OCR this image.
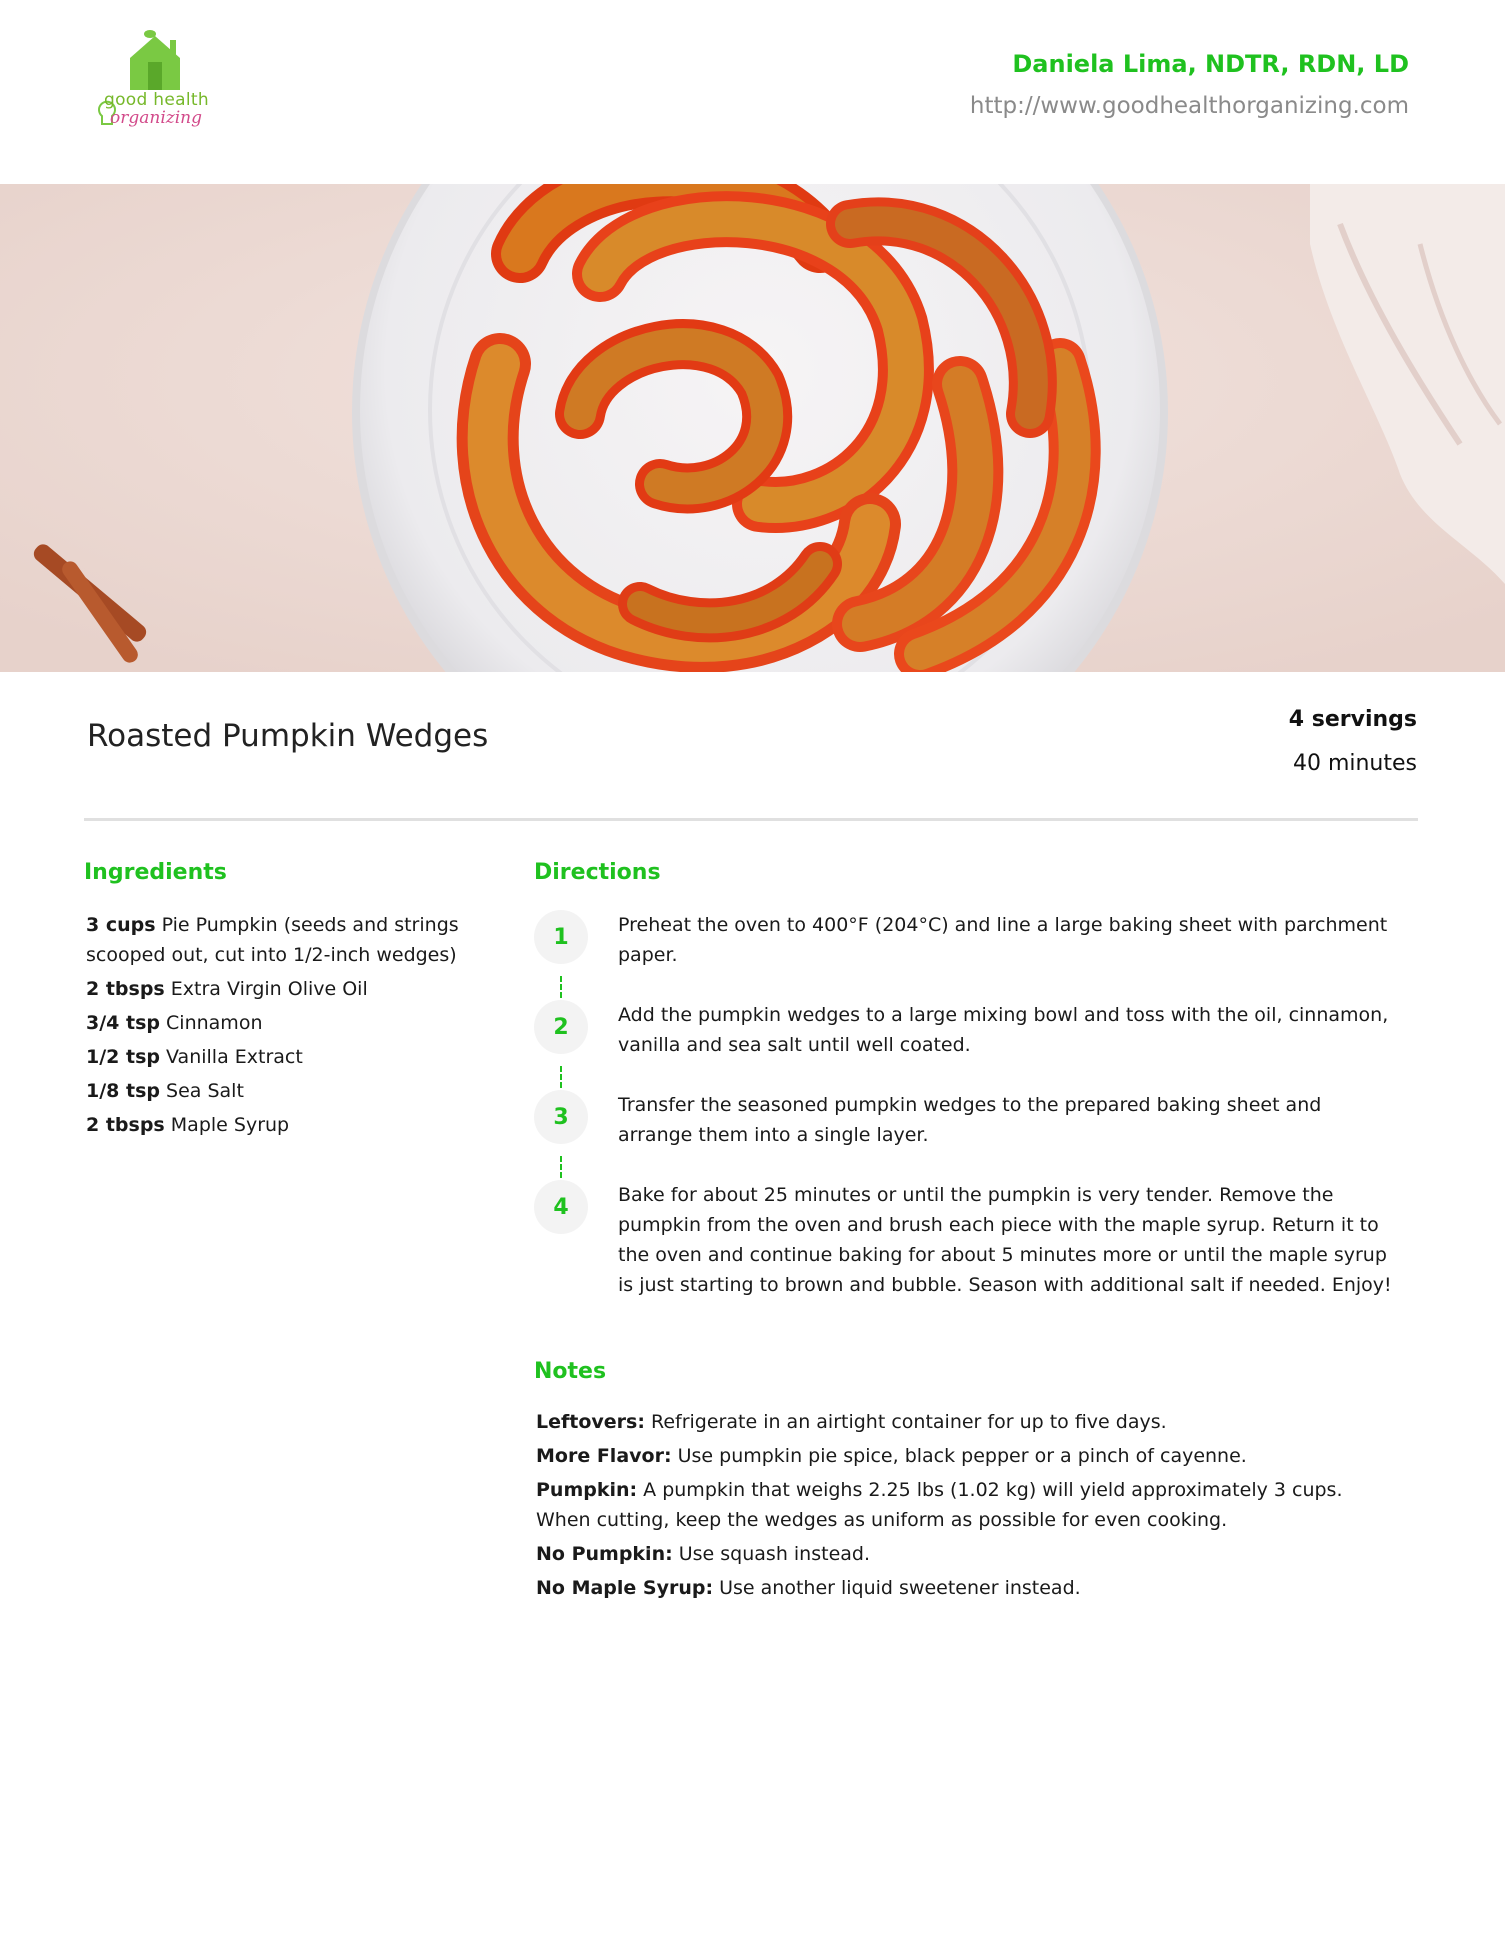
good health
organizing
Daniela Lima, NDTR, RDN, LD
http://www.goodhealthorganizing.com
Roasted Pumpkin Wedges	4 servings
40 minutes
Ingredients
3 cups Pie Pumpkin (seeds and strings scooped out, cut into 1/2-inch wedges)
2 tbsps Extra Virgin Olive Oil
3/4 tsp Cinnamon
1/2 tsp Vanilla Extract
1/8 tsp Sea Salt
2 tbsps Maple Syrup
Directions
1	Preheat the oven to 400°F (204°C) and line a large baking sheet with parchment paper.
2	Add the pumpkin wedges to a large mixing bowl and toss with the oil, cinnamon, vanilla and sea salt until well coated.
3	Transfer the seasoned pumpkin wedges to the prepared baking sheet and arrange them into a single layer.
4	Bake for about 25 minutes or until the pumpkin is very tender. Remove the pumpkin from the oven and brush each piece with the maple syrup. Return it to the oven and continue baking for about 5 minutes more or until the maple syrup is just starting to brown and bubble. Season with additional salt if needed. Enjoy!
Notes
Leftovers: Refrigerate in an airtight container for up to five days.
More Flavor: Use pumpkin pie spice, black pepper or a pinch of cayenne.
Pumpkin: A pumpkin that weighs 2.25 lbs (1.02 kg) will yield approximately 3 cups. When cutting, keep the wedges as uniform as possible for even cooking.
No Pumpkin: Use squash instead.
No Maple Syrup: Use another liquid sweetener instead.
